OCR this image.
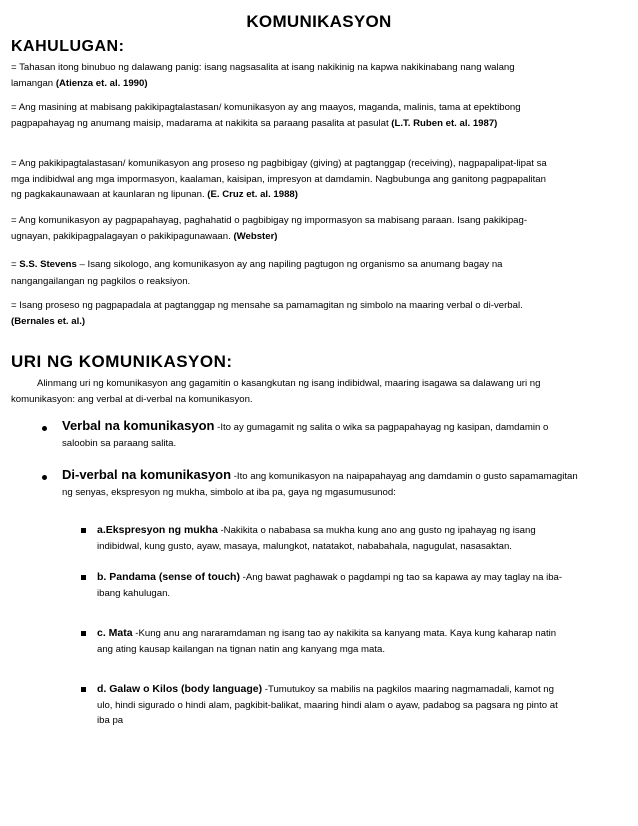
KOMUNIKASYON
KAHULUGAN:
= Tahasan itong binubuo ng dalawang panig: isang nagsasalita at isang nakikinig na kapwa nakikinabang nang walang lamangan (Atienza et. al. 1990)
= Ang masining at mabisang pakikipagtalastasan/ komunikasyon ay ang maayos, maganda, malinis, tama at epektibong pagpapahayag ng anumang maisip, madarama at nakikita sa paraang pasalita at pasulat (L.T. Ruben et. al. 1987)
= Ang pakikipagtalastasan/ komunikasyon ang proseso ng pagbibigay (giving) at pagtanggap (receiving), nagpapalipat-lipat sa mga indibidwal ang mga impormasyon, kaalaman, kaisipan, impresyon at damdamin. Nagbubunga ang ganitong pagpapalitan ng pagkakaunawaan at kaunlaran ng lipunan. (E. Cruz et. al. 1988)
= Ang komunikasyon ay pagpapahayag, paghahatid o pagbibigay ng impormasyon sa mabisang paraan. Isang pakikipag-ugnayan, pakikipagpalagayan o pakikipagunawaan. (Webster)
= S.S. Stevens – Isang sikologo, ang komunikasyon ay ang napiling pagtugon ng organismo sa anumang bagay na nangangailangan ng pagkilos o reaksiyon.
= Isang proseso ng pagpapadala at pagtanggap ng mensahe sa pamamagitan ng simbolo na maaring verbal o di-verbal. (Bernales et. al.)
URI NG KOMUNIKASYON:
Alinmang uri ng komunikasyon ang gagamitin o kasangkutan ng isang indibidwal, maaring isagawa sa dalawang uri ng komunikasyon: ang verbal at di-verbal na komunikasyon.
Verbal na komunikasyon -Ito ay gumagamit ng salita o wika sa pagpapahayag ng kasipan, damdamin o saloobin sa paraang salita.
Di-verbal na komunikasyon -Ito ang komunikasyon na naipapahayag ang damdamin o gusto sapamamagitan ng senyas, ekspresyon ng mukha, simbolo at iba pa, gaya ng mgasumusunod:
a.Ekspresyon ng mukha -Nakikita o nababasa sa mukha kung ano ang gusto ng ipahayag ng isang indibidwal, kung gusto, ayaw, masaya, malungkot, natatakot, nababahala, nagugulat, nasasaktan.
b. Pandama (sense of touch) -Ang bawat paghawak o pagdampi ng tao sa kapawa ay may taglay na iba-ibang kahulugan.
c. Mata -Kung anu ang nararamdaman ng isang tao ay nakikita sa kanyang mata. Kaya kung kaharap natin ang ating kausap kailangan na tignan natin ang kanyang mga mata.
d. Galaw o Kilos (body language) -Tumutukoy sa mabilis na pagkilos maaring nagmamadali, kamot ng ulo, hindi sigurado o hindi alam, pagkibit-balikat, maaring hindi alam o ayaw, padabog sa pagsara ng pinto at iba pa
